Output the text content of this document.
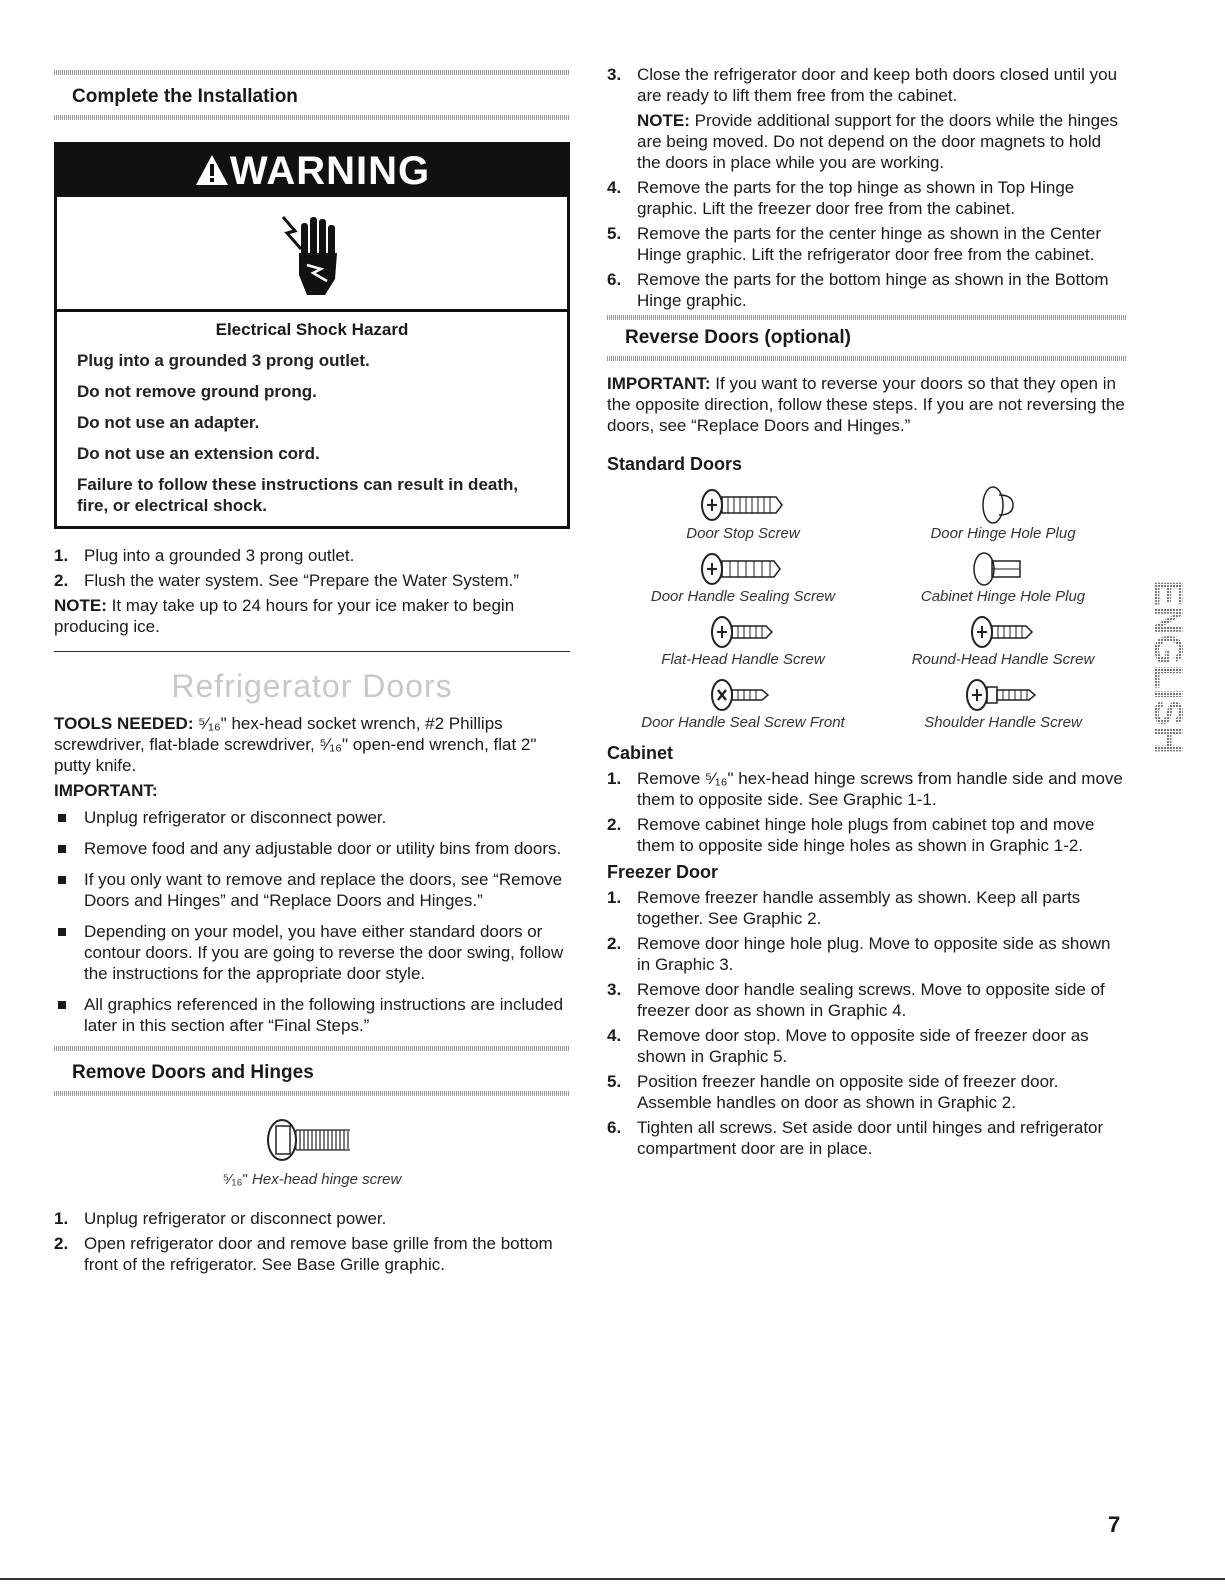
Complete the Installation
WARNING
Electrical Shock Hazard

Plug into a grounded 3 prong outlet.

Do not remove ground prong.

Do not use an adapter.

Do not use an extension cord.

Failure to follow these instructions can result in death, fire, or electrical shock.

1. Plug into a grounded 3 prong outlet.
2. Flush the water system. See “Prepare the Water System.”

NOTE: It may take up to 24 hours for your ice maker to begin producing ice.

Refrigerator Doors

TOOLS NEEDED: ⁵⁄₁₆" hex-head socket wrench, #2 Phillips screwdriver, flat-blade screwdriver, ⁵⁄₁₆" open-end wrench, flat 2" putty knife.

IMPORTANT:

Unplug refrigerator or disconnect power.
Remove food and any adjustable door or utility bins from doors.
If you only want to remove and replace the doors, see “Remove Doors and Hinges” and “Replace Doors and Hinges.”
Depending on your model, you have either standard doors or contour doors. If you are going to reverse the door swing, follow the instructions for the appropriate door style.
All graphics referenced in the following instructions are included later in this section after “Final Steps.”
Remove Doors and Hinges
⁵⁄₁₆" Hex-head hinge screw
1. Unplug refrigerator or disconnect power.
2. Open refrigerator door and remove base grille from the bottom front of the refrigerator. See Base Grille graphic.
3. Close the refrigerator door and keep both doors closed until you are ready to lift them free from the cabinet.

NOTE: Provide additional support for the doors while the hinges are being moved. Do not depend on the door magnets to hold the doors in place while you are working.

4. Remove the parts for the top hinge as shown in Top Hinge graphic. Lift the freezer door free from the cabinet.
5. Remove the parts for the center hinge as shown in the Center Hinge graphic. Lift the refrigerator door free from the cabinet.
6. Remove the parts for the bottom hinge as shown in the Bottom Hinge graphic.
Reverse Doors (optional)

IMPORTANT: If you want to reverse your doors so that they open in the opposite direction, follow these steps. If you are not reversing the doors, see “Replace Doors and Hinges.”

Standard Doors
Door Stop Screw	Door Hinge Hole Plug
Door Handle Sealing Screw	Cabinet Hinge Hole Plug
Flat-Head Handle Screw	Round-Head Handle Screw
Door Handle Seal Screw Front	Shoulder Handle Screw
Cabinet
1. Remove ⁵⁄₁₆" hex-head hinge screws from handle side and move them to opposite side. See Graphic 1-1.
2. Remove cabinet hinge hole plugs from cabinet top and move them to opposite side hinge holes as shown in Graphic 1-2.
Freezer Door
1. Remove freezer handle assembly as shown. Keep all parts together. See Graphic 2.
2. Remove door hinge hole plug. Move to opposite side as shown in Graphic 3.
3. Remove door handle sealing screws. Move to opposite side of freezer door as shown in Graphic 4.
4. Remove door stop. Move to opposite side of freezer door as shown in Graphic 5.
5. Position freezer handle on opposite side of freezer door. Assemble handles on door as shown in Graphic 2.
6. Tighten all screws. Set aside door until hinges and refrigerator compartment door are in place.
ENGLISH
7
